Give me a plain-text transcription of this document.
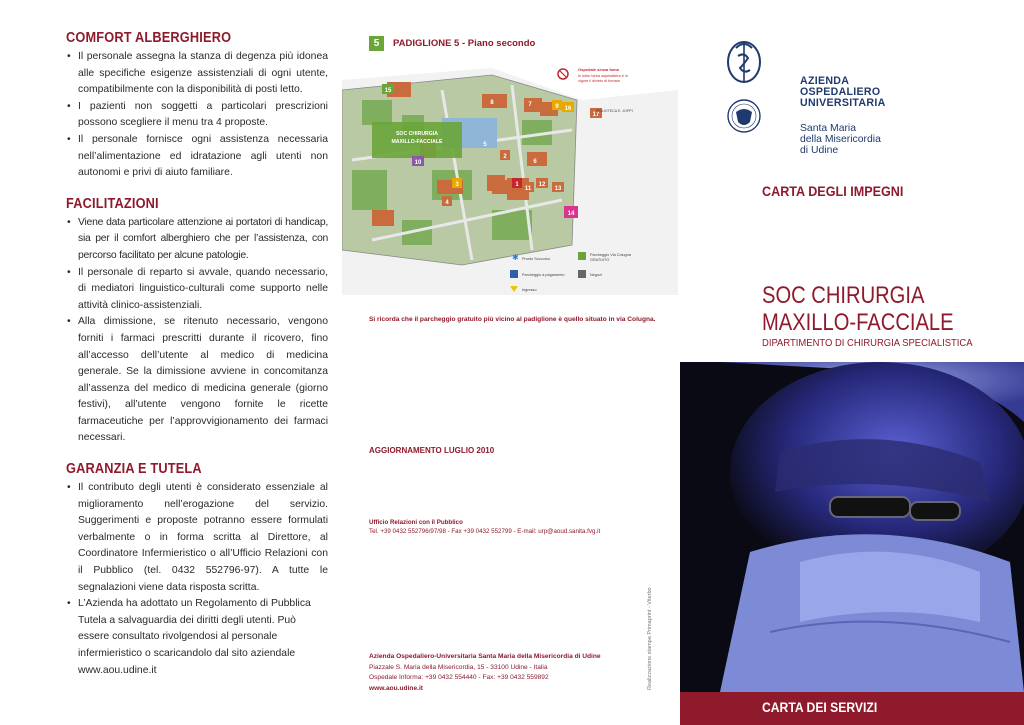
COMFORT ALBERGHIERO
• Il personale assegna la stanza di degenza più idonea alle specifiche esigenze assistenziali di ogni utente, compatibilmente con la disponibilità di posti letto.
• I pazienti non soggetti a particolari prescrizioni possono scegliere il menu tra 4 proposte.
• Il personale fornisce ogni assistenza necessaria nell’alimentazione ed idratazione agli utenti non autonomi e privi di aiuto familiare.
FACILITAZIONI
• Viene data particolare attenzione ai portatori di handicap, sia per il comfort alberghiero che per l’assistenza, con percorso facilitato per alcune patologie.
• Il personale di reparto si avvale, quando necessario, di mediatori linguistico-culturali come supporto nelle attività clinico-assistenziali.
• Alla dimissione, se ritenuto necessario, vengono forniti i farmaci prescritti durante il ricovero, fino all’accesso dell’utente al medico di medicina generale. Se la dimissione avviene in concomitanza all’assenza del medico di medicina generale (giorno festivi), all’utente vengono fornite le ricette farmaceutiche per l’approvvigionamento dei farmaci necessari.
GARANZIA E TUTELA
• Il contributo degli utenti è considerato essenziale al miglioramento nell’erogazione del servizio. Suggerimenti e proposte potranno essere formulati verbalmente o in forma scritta al Direttore, al Coordinatore Infermieristico o all’Ufficio Relazioni con il Pubblico (tel. 0432 552796-97). A tutte le segnalazioni viene data risposta scritta.
• L’Azienda ha adottato un Regolamento di Pubblica Tutela a salvaguardia dei diritti degli utenti. Può essere consultato rivolgendosi al personale infermieristico o scaricandolo dal sito aziendale www.aou.udine.it
5	PADIGLIONE 5 - Piano secondo
SOC CHIRURGIA
MAXILLO-FACCIALE
15
8	7	9 16
17
5
1
6
2
10
3
4
11
12
13
14
Ospedale senza fumo
In tutta l’area ospedaliera è in
vigore il divieto di fumare.
BIBLIOTECA E. JOPPI
✱ Pronto Soccorso
Parcheggio a pagamento
Ingresso
Parcheggio Via Colugna
GRATUITO
Negozi
Si ricorda che il parcheggio gratuito più vicino al padiglione è quello situato in via Colugna.
AGGIORNAMENTO LUGLIO 2010
Ufficio Relazioni con il Pubblico
Tel. +39 0432 552796/97/98 - Fax +39 0432 552799 - E-mail: urp@aoud.sanita.fvg.it
Azienda Ospedaliero-Universitaria Santa Maria della Misericordia di Udine
Piazzale S. Maria della Misericordia, 15 - 33100 Udine - Italia
Ospedale Informa: +39 0432 554440 - Fax: +39 0432 559892
www.aou.udine.it	Realizzazione stampa Primaprint - Viterbo
AZIENDA
OSPEDALIERO
UNIVERSITARIA
Santa Maria
della Misericordia
di Udine
CARTA DEGLI IMPEGNI
SOC CHIRURGIA
MAXILLO-FACCIALE
DIPARTIMENTO DI CHIRURGIA SPECIALISTICA
CARTA DEI SERVIZI
